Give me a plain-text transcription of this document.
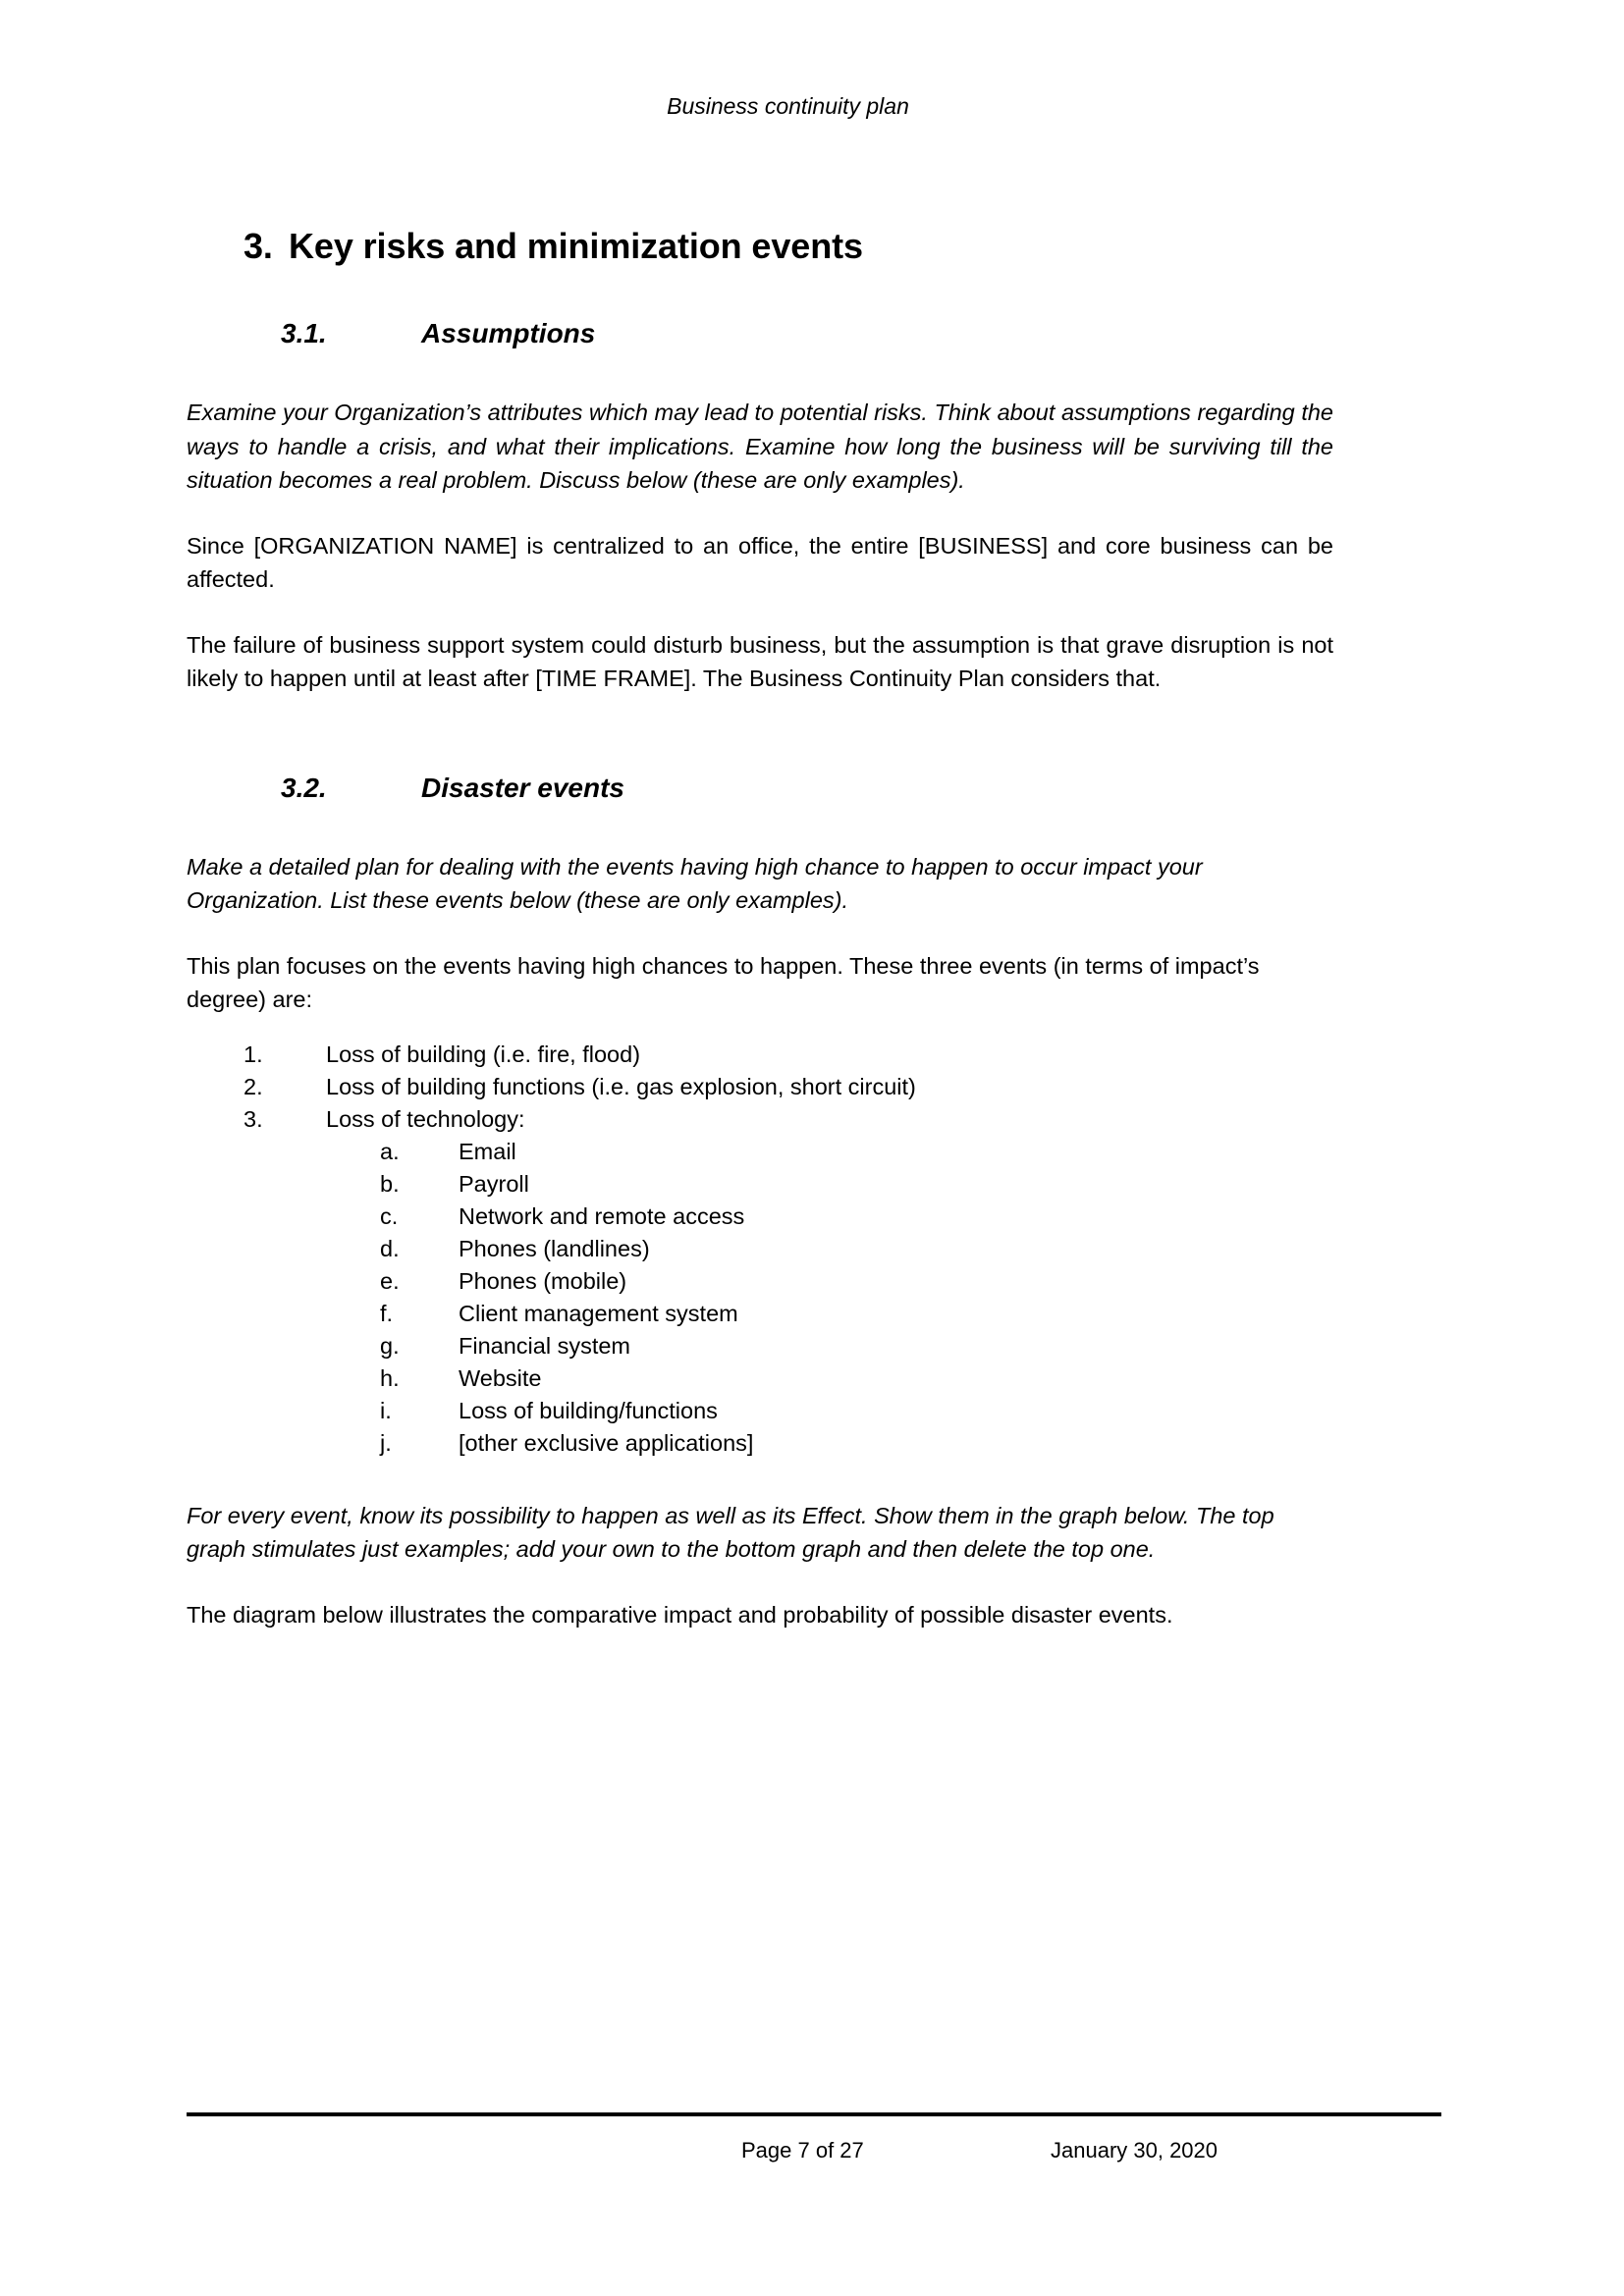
Business continuity plan
3. Key risks and minimization events
3.1.	Assumptions

Examine your Organization’s attributes which may lead to potential risks. Think about assumptions regarding the ways to handle a crisis, and what their implications. Examine how long the business will be surviving till the situation becomes a real problem. Discuss below (these are only examples).

Since [ORGANIZATION NAME] is centralized to an office, the entire [BUSINESS] and core business can be affected.

The failure of business support system could disturb business, but the assumption is that grave disruption is not likely to happen until at least after [TIME FRAME]. The Business Continuity Plan considers that.

3.2.	Disaster events

Make a detailed plan for dealing with the events having high chance to happen to occur impact your Organization. List these events below (these are only examples).

This plan focuses on the events having high chances to happen. These three events (in terms of impact’s degree) are:

1.	Loss of building (i.e. fire, flood)
2.	Loss of building functions (i.e. gas explosion, short circuit)
3.	Loss of technology:
a.	Email
b.	Payroll
c.	Network and remote access
d.	Phones (landlines)
e.	Phones (mobile)
f.	Client management system
g.	Financial system
h.	Website
i.	Loss of building/functions
j.	[other exclusive applications]

For every event, know its possibility to happen as well as its Effect. Show them in the graph below. The top graph stimulates just examples; add your own to the bottom graph and then delete the top one.

The diagram below illustrates the comparative impact and probability of possible disaster events.

Page 7 of 27	January 30, 2020
